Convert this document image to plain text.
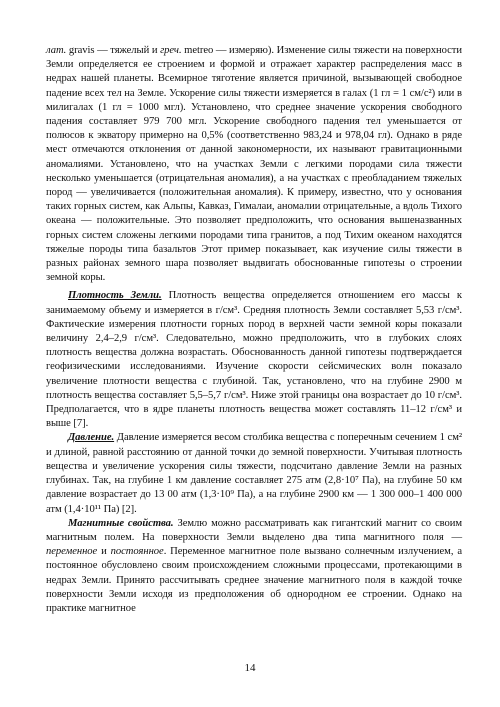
лат. gravis — тяжелый и греч. metreo — измеряю). Изменение силы тяжести на поверхности Земли определяется ее строением и формой и отражает характер распределения масс в недрах нашей планеты. Всемирное тяготение является причиной, вызывающей свободное падение всех тел на Земле. Ускорение силы тяжести измеряется в галах (1 гл = 1 см/с²) или в милигалах (1 гл = 1000 мгл). Установлено, что среднее значение ускорения свободного падения составляет 979 700 мгл. Ускорение свободного падения тел уменьшается от полюсов к экватору примерно на 0,5% (соответственно 983,24 и 978,04 гл). Однако в ряде мест отмечаются отклонения от данной закономерности, их называют гравитационными аномалиями. Установлено, что на участках Земли с легкими породами сила тяжести несколько уменьшается (отрицательная аномалия), а на участках с преобладанием тяжелых пород — увеличивается (положительная аномалия). К примеру, известно, что у основания таких горных систем, как Альпы, Кавказ, Гималаи, аномалии отрицательные, а вдоль Тихого океана — положительные. Это позволяет предположить, что основания вышеназванных горных систем сложены легкими породами типа гранитов, а под Тихим океаном находятся тяжелые породы типа базальтов Этот пример показывает, как изучение силы тяжести в разных районах земного шара позволяет выдвигать обоснованные гипотезы о строении земной коры.

Плотность Земли. Плотность вещества определяется отношением его массы к занимаемому объему и измеряется в г/см³. Средняя плотность Земли составляет 5,53 г/см³. Фактические измерения плотности горных пород в верхней части земной коры показали величину 2,4–2,9 г/см³. Следовательно, можно предположить, что в глубоких слоях плотность вещества должна возрастать. Обоснованность данной гипотезы подтверждается геофизическими исследованиями. Изучение скорости сейсмических волн показало увеличение плотности вещества с глубиной. Так, установлено, что на глубине 2900 м плотность вещества составляет 5,5–5,7 г/см³. Ниже этой границы она возрастает до 10 г/см³. Предполагается, что в ядре планеты плотность вещества может составлять 11–12 г/см³ и выше [7].

Давление. Давление измеряется весом столбика вещества с поперечным сечением 1 см² и длиной, равной расстоянию от данной точки до земной поверхности. Учитывая плотность вещества и увеличение ускорения силы тяжести, подсчитано давление Земли на разных глубинах. Так, на глубине 1 км давление составляет 275 атм (2,8·10⁷ Па), на глубине 50 км давление возрастает до 13 00 атм (1,3·10⁹ Па), а на глубине 2900 км — 1 300 000–1 400 000 атм (1,4·10¹¹ Па) [2].

Магнитные свойства. Землю можно рассматривать как гигантский магнит со своим магнитным полем. На поверхности Земли выделено два типа магнитного поля — переменное и постоянное. Переменное магнитное поле вызвано солнечным излучением, а постоянное обусловлено своим происхождением сложными процессами, протекающими в недрах Земли. Принято рассчитывать среднее значение магнитного поля в каждой точке поверхности Земли исходя из предположения об однородном ее строении. Однако на практике магнитное

14
